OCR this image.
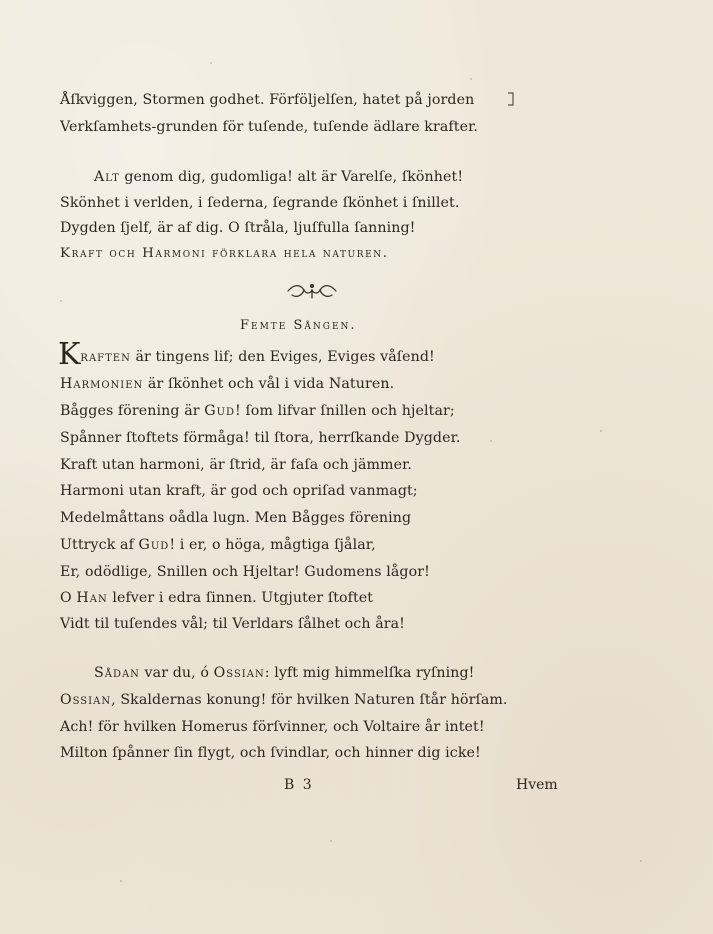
Åſkviggen, Stormen godhet. Förföljelſen, hatet på jorden
Verkſamhets-grunden för tuſende, tuſende ädlare krafter.
Alt genom dig, gudomliga! alt är Varelſe, ſkönhet!
Skönhet i verlden, i ſederna, ſegrande ſkönhet i ſnillet.
Dygden ſjelf, är af dig. O ſtråla, ljuſfulla ſanning!
Kraft och Harmoni förklara hela naturen.
Femte Sången.
Kraften är tingens lif; den Eviges, Eviges våſend!
Harmonien är ſkönhet och vål i vida Naturen.
Bågges förening är Gud! ſom lifvar ſnillen och hjeltar;
Spånner ſtoftets förmåga! til ſtora, herrſkande Dygder.
Kraft utan harmoni, är ſtrid, är faſa och jämmer.
Harmoni utan kraft, är god och opriſad vanmagt;
Medelmåttans oådla lugn. Men Bågges förening
Uttryck af Gud! i er, o höga, mågtiga ſjålar,
Er, odödlige, Snillen och Hjeltar! Gudomens lågor!
O Han lefver i edra ſinnen. Utgjuter ſtoftet
Vidt til tuſendes vål; til Verldars ſålhet och åra!
Sådan var du, ó Ossian: lyft mig himmelſka ryſning!
Ossian, Skaldernas konung! för hvilken Naturen ſtår hörſam.
Ach! för hvilken Homerus förſvinner, och Voltaire år intet!
Milton ſpånner ſin flygt, och ſvindlar, och hinner dig icke!
B 3	Hvem
